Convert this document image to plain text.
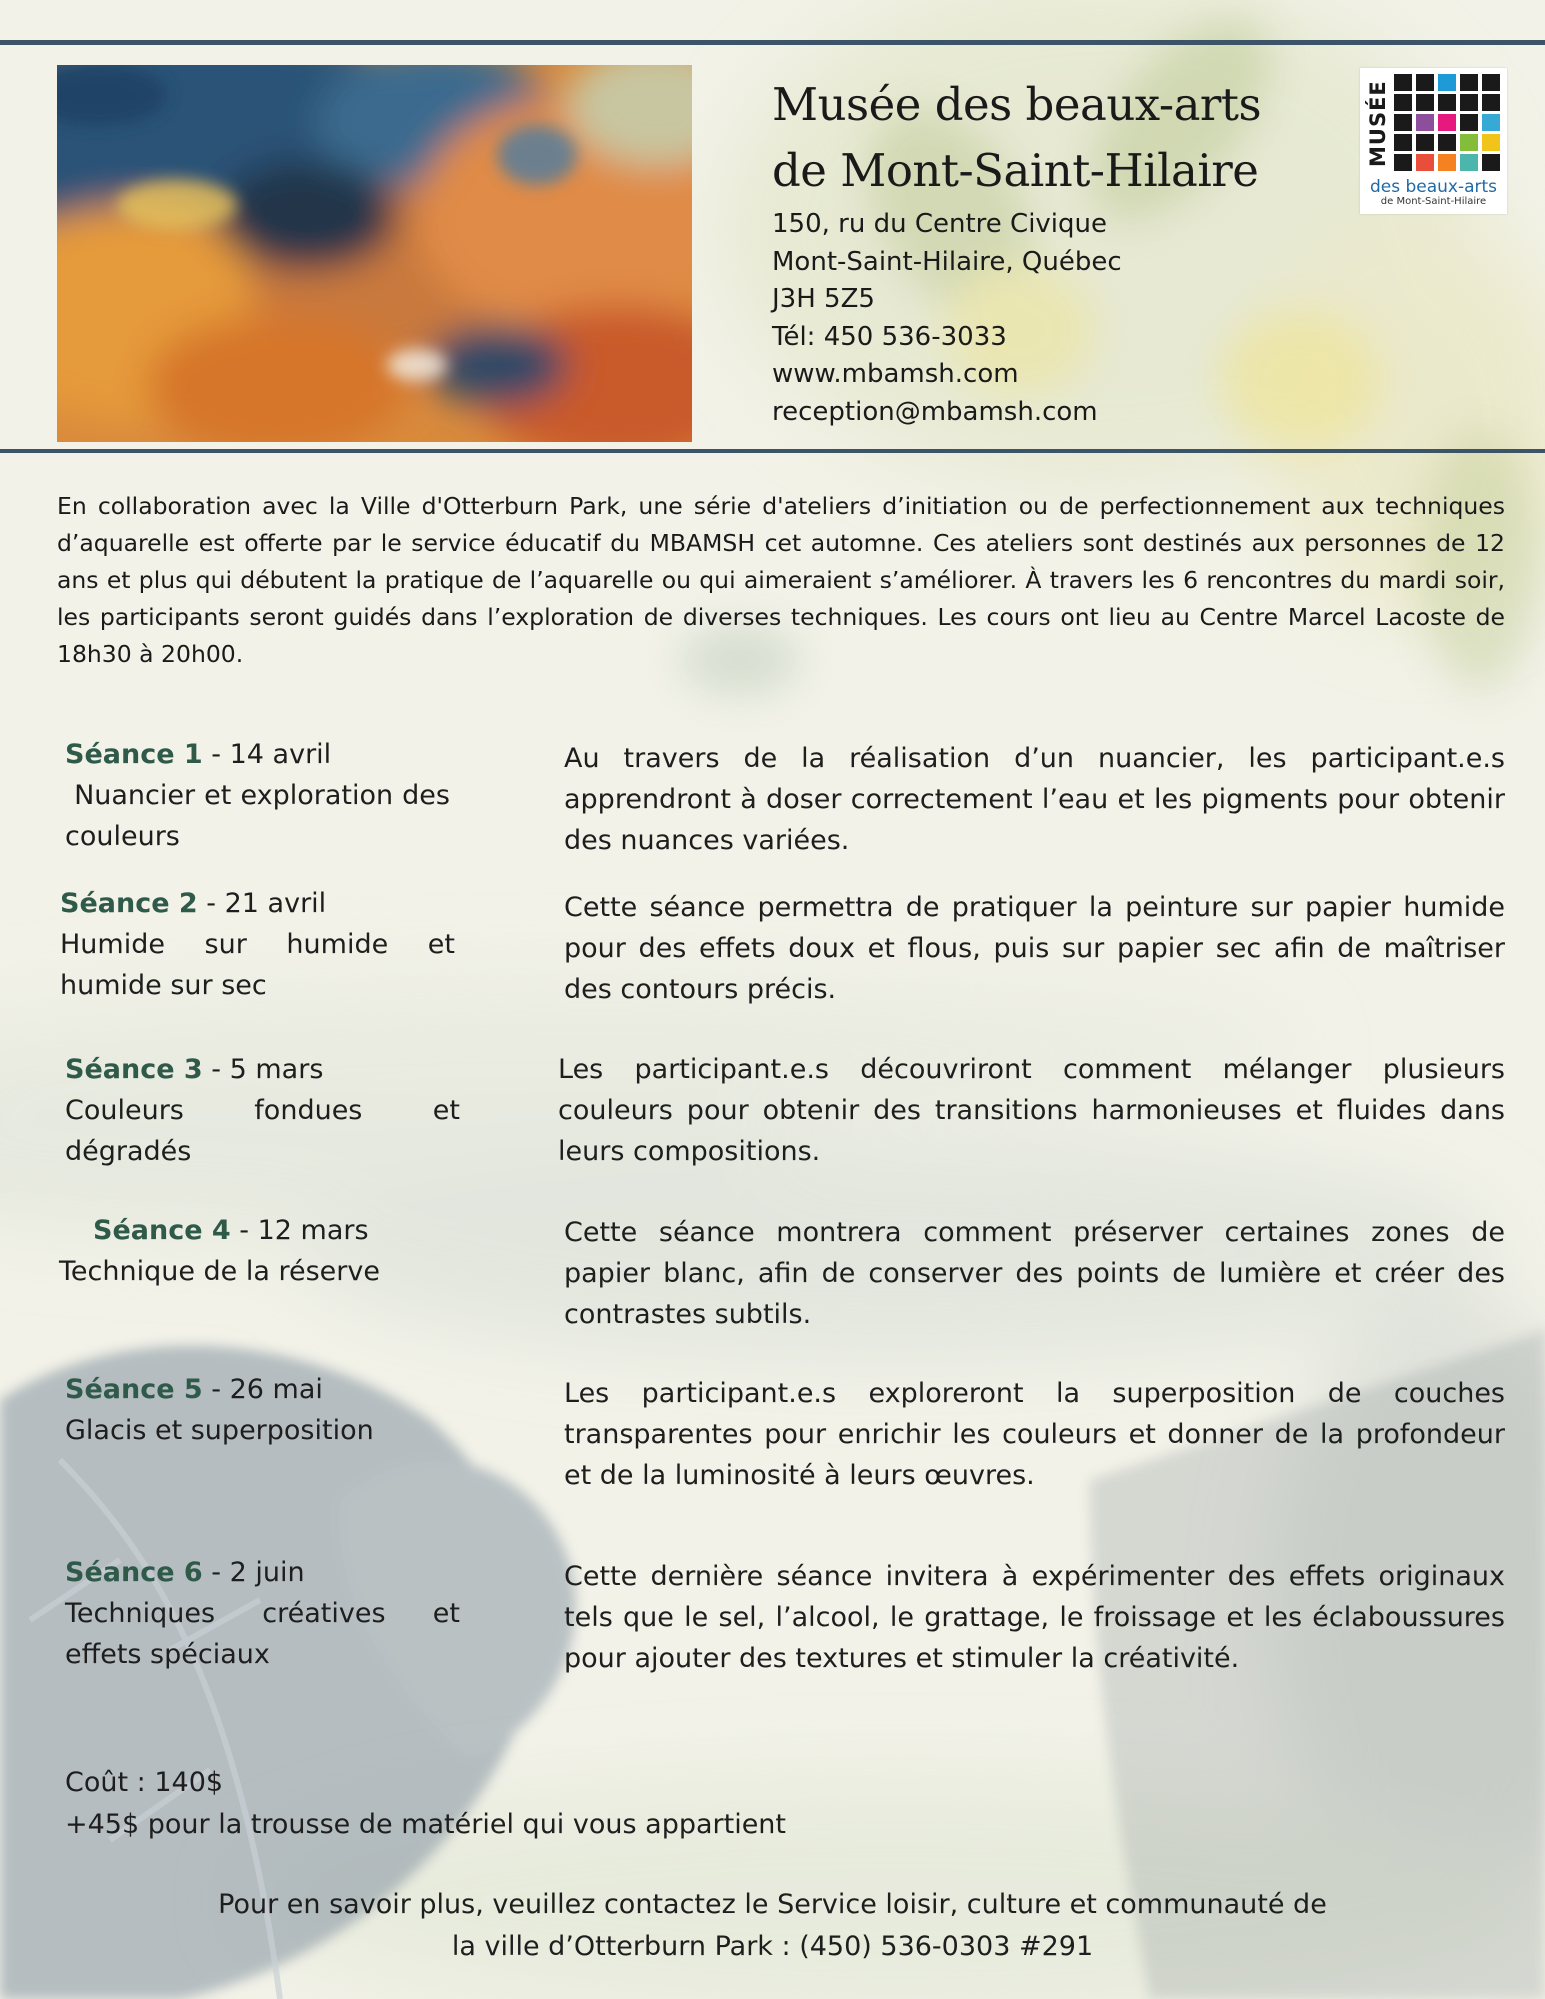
Musée des beaux-arts
de Mont-Saint-Hilaire
150, ru du Centre Civique
Mont-Saint-Hilaire, Québec
J3H 5Z5
Tél: 450 536-3033
www.mbamsh.com
reception@mbamsh.com
MUSÉE
des beaux-arts
de Mont-Saint-Hilaire
En collaboration avec la Ville d'Otterburn Park, une série d'ateliers d’initiation ou de perfectionnement aux techniques d’aquarelle est offerte par le service éducatif du MBAMSH cet automne. Ces ateliers sont destinés aux personnes de 12 ans et plus qui débutent la pratique de l’aquarelle ou qui aimeraient s’améliorer. À travers les 6 rencontres du mardi soir, les participants seront guidés dans l’exploration de diverses techniques. Les cours ont lieu au Centre Marcel Lacoste de 18h30 à 20h00.
Séance 1 - 14 avril
Nuancier et exploration des couleurs
Au travers de la réalisation d’un nuancier, les participant.e.s apprendront à doser correctement l’eau et les pigments pour obtenir des nuances variées.
Séance 2 - 21 avril
Humide sur humide et humide sur sec
Cette séance permettra de pratiquer la peinture sur papier humide pour des effets doux et flous, puis sur papier sec afin de maîtriser des contours précis.
Séance 3 - 5 mars
Couleurs fondues et dégradés
Les participant.e.s découvriront comment mélanger plusieurs couleurs pour obtenir des transitions harmonieuses et fluides dans leurs compositions.
Séance 4 - 12 mars
Technique de la réserve
Cette séance montrera comment préserver certaines zones de papier blanc, afin de conserver des points de lumière et créer des contrastes subtils.
Séance 5 - 26 mai
Glacis et superposition
Les participant.e.s exploreront la superposition de couches transparentes pour enrichir les couleurs et donner de la profondeur et de la luminosité à leurs œuvres.
Séance 6 - 2 juin
Techniques créatives et effets spéciaux
Cette dernière séance invitera à expérimenter des effets originaux tels que le sel, l’alcool, le grattage, le froissage et les éclaboussures pour ajouter des textures et stimuler la créativité.
Coût : 140$
+45$ pour la trousse de matériel qui vous appartient
Pour en savoir plus, veuillez contactez le Service loisir, culture et communauté de
la ville d’Otterburn Park : (450) 536-0303 #291
